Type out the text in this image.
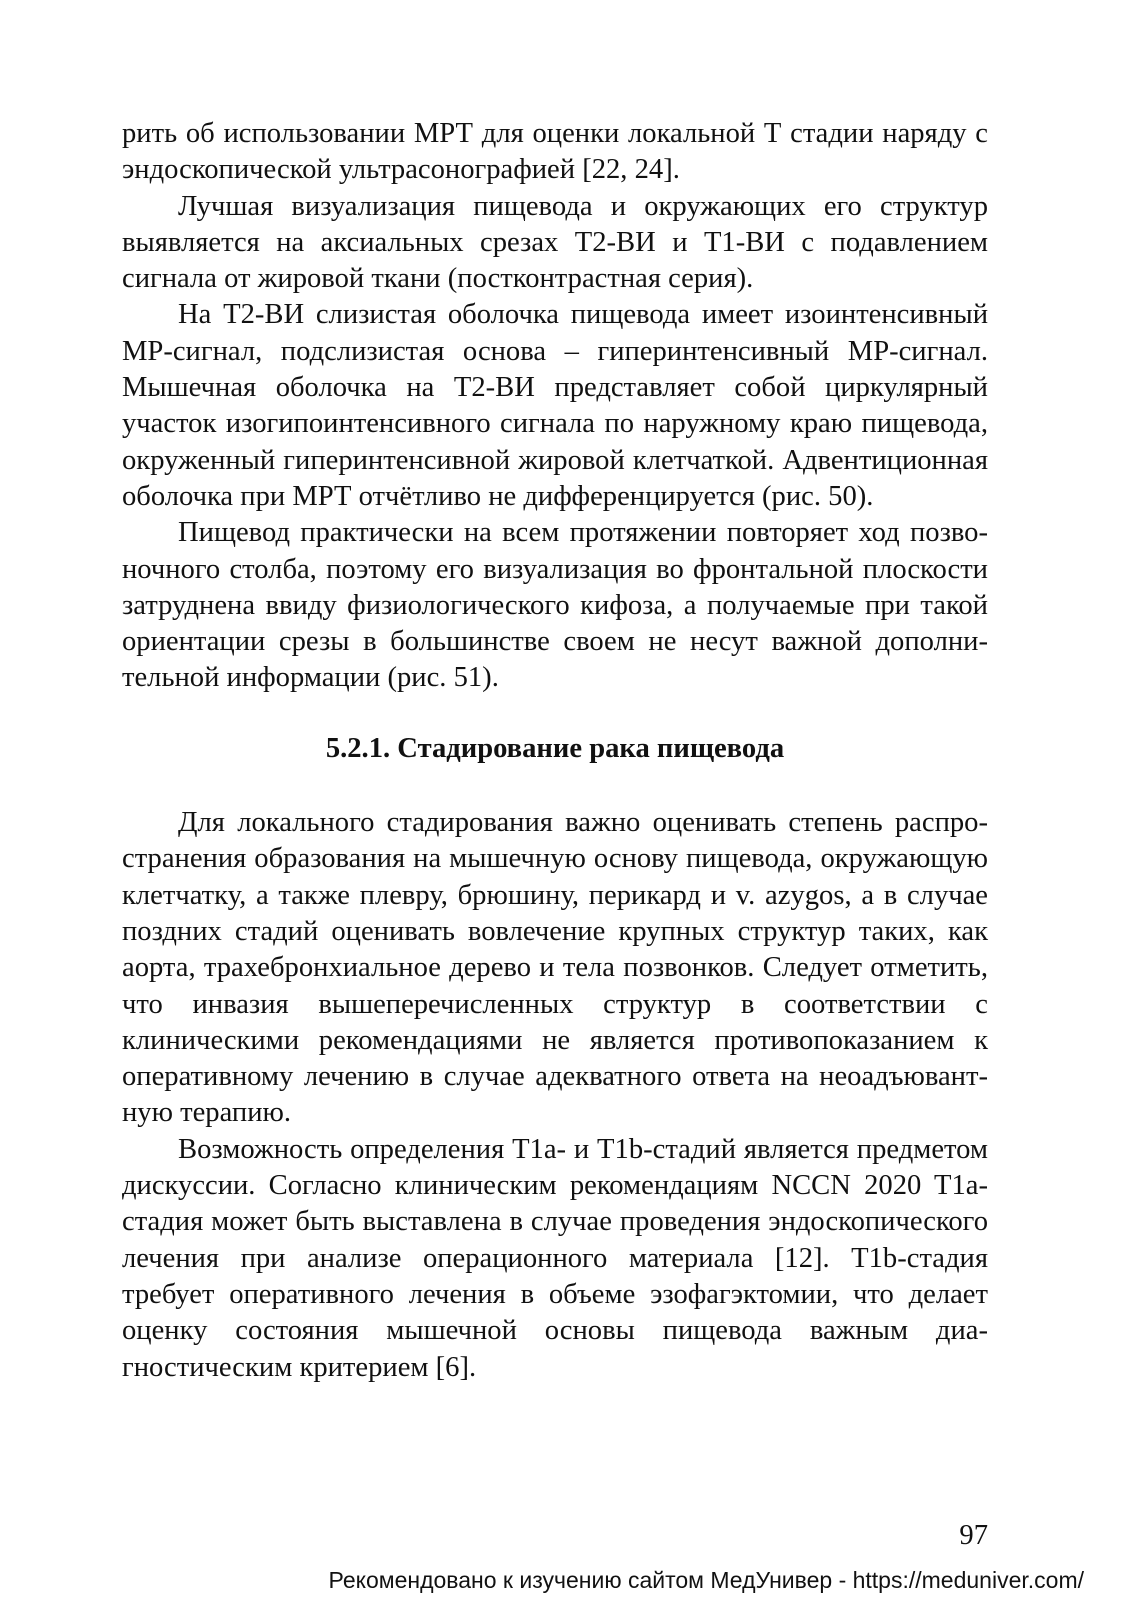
рить об использовании МРТ для оценки локальной Т стадии наряду с эндоскопической ультрасонографией [22, 24].

Лучшая визуализация пищевода и окружающих его структур выявляется на аксиальных срезах Т2-ВИ и Т1-ВИ с подавлением сигнала от жировой ткани (постконтрастная серия).

На Т2-ВИ слизистая оболочка пищевода имеет изоинтенсивный МР-сигнал, подслизистая основа – гиперинтенсивный МР-сигнал. Мышечная оболочка на Т2-ВИ представляет собой циркулярный участок изогипоинтенсивного сигнала по наружному краю пищевода, окруженный гиперинтенсивной жировой клетчаткой. Адвентиционная оболочка при МРТ отчётливо не дифференцируется (рис. 50).

Пищевод практически на всем протяжении повторяет ход позвоночного столба, поэтому его визуализация во фронтальной плоскости затруднена ввиду физиологического кифоза, а получаемые при такой ориентации срезы в большинстве своем не несут важной дополнительной информации (рис. 51).

5.2.1. Стадирование рака пищевода

Для локального стадирования важно оценивать степень распространения образования на мышечную основу пищевода, окружающую клетчатку, а также плевру, брюшину, перикард и v. azygos, а в случае поздних стадий оценивать вовлечение крупных структур таких, как аорта, трахебронхиальное дерево и тела позвонков. Следует отметить, что инвазия вышеперечисленных структур в соответствии с клиническими рекомендациями не является противопоказанием к оперативному лечению в случае адекватного ответа на неоадъювантную терапию.

Возможность определения T1a- и T1b-стадий является предметом дискуссии. Согласно клиническим рекомендациям NCCN 2020 T1a-стадия может быть выставлена в случае проведения эндоскопического лечения при анализе операционного материала [12]. T1b-стадия требует оперативного лечения в объеме эзофагэктомии, что делает оценку состояния мышечной основы пищевода важным диагностическим критерием [6].

97
Рекомендовано к изучению сайтом МедУнивер - https://meduniver.com/
